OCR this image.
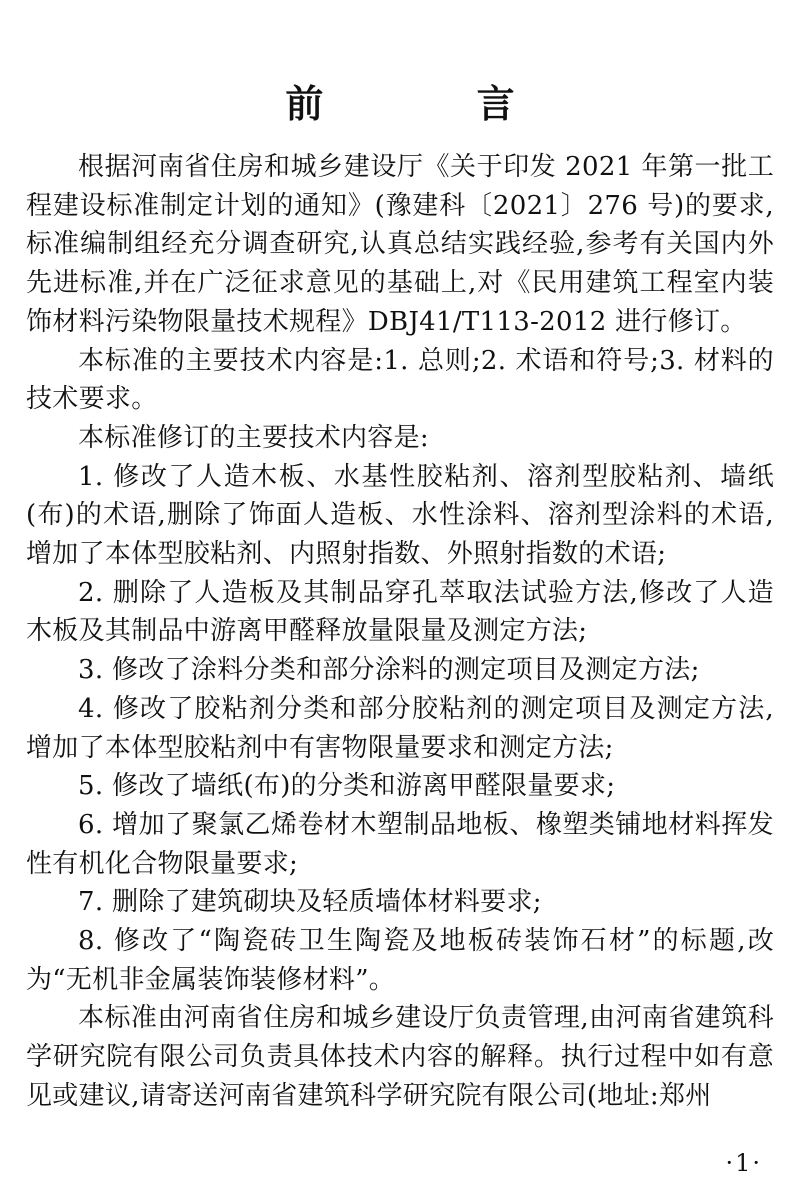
前 言

根据河南省住房和城乡建设厅《关于印发 2021 年第一批工程建设标准制定计划的通知》(豫建科〔2021〕276 号)的要求,标准编制组经充分调查研究,认真总结实践经验,参考有关国内外先进标准,并在广泛征求意见的基础上,对《民用建筑工程室内装饰材料污染物限量技术规程》DBJ41/T113-2012 进行修订。

本标准的主要技术内容是:1. 总则;2. 术语和符号;3. 材料的技术要求。

本标准修订的主要技术内容是:

1. 修改了人造木板、水基性胶粘剂、溶剂型胶粘剂、墙纸(布)的术语,删除了饰面人造板、水性涂料、溶剂型涂料的术语,增加了本体型胶粘剂、内照射指数、外照射指数的术语;

2. 删除了人造板及其制品穿孔萃取法试验方法,修改了人造木板及其制品中游离甲醛释放量限量及测定方法;

3. 修改了涂料分类和部分涂料的测定项目及测定方法;

4. 修改了胶粘剂分类和部分胶粘剂的测定项目及测定方法,增加了本体型胶粘剂中有害物限量要求和测定方法;

5. 修改了墙纸(布)的分类和游离甲醛限量要求;

6. 增加了聚氯乙烯卷材木塑制品地板、橡塑类铺地材料挥发性有机化合物限量要求;

7. 删除了建筑砌块及轻质墙体材料要求;

8. 修改了“陶瓷砖卫生陶瓷及地板砖装饰石材”的标题,改为“无机非金属装饰装修材料”。

本标准由河南省住房和城乡建设厅负责管理,由河南省建筑科学研究院有限公司负责具体技术内容的解释。执行过程中如有意见或建议,请寄送河南省建筑科学研究院有限公司(地址:郑州

·1·
